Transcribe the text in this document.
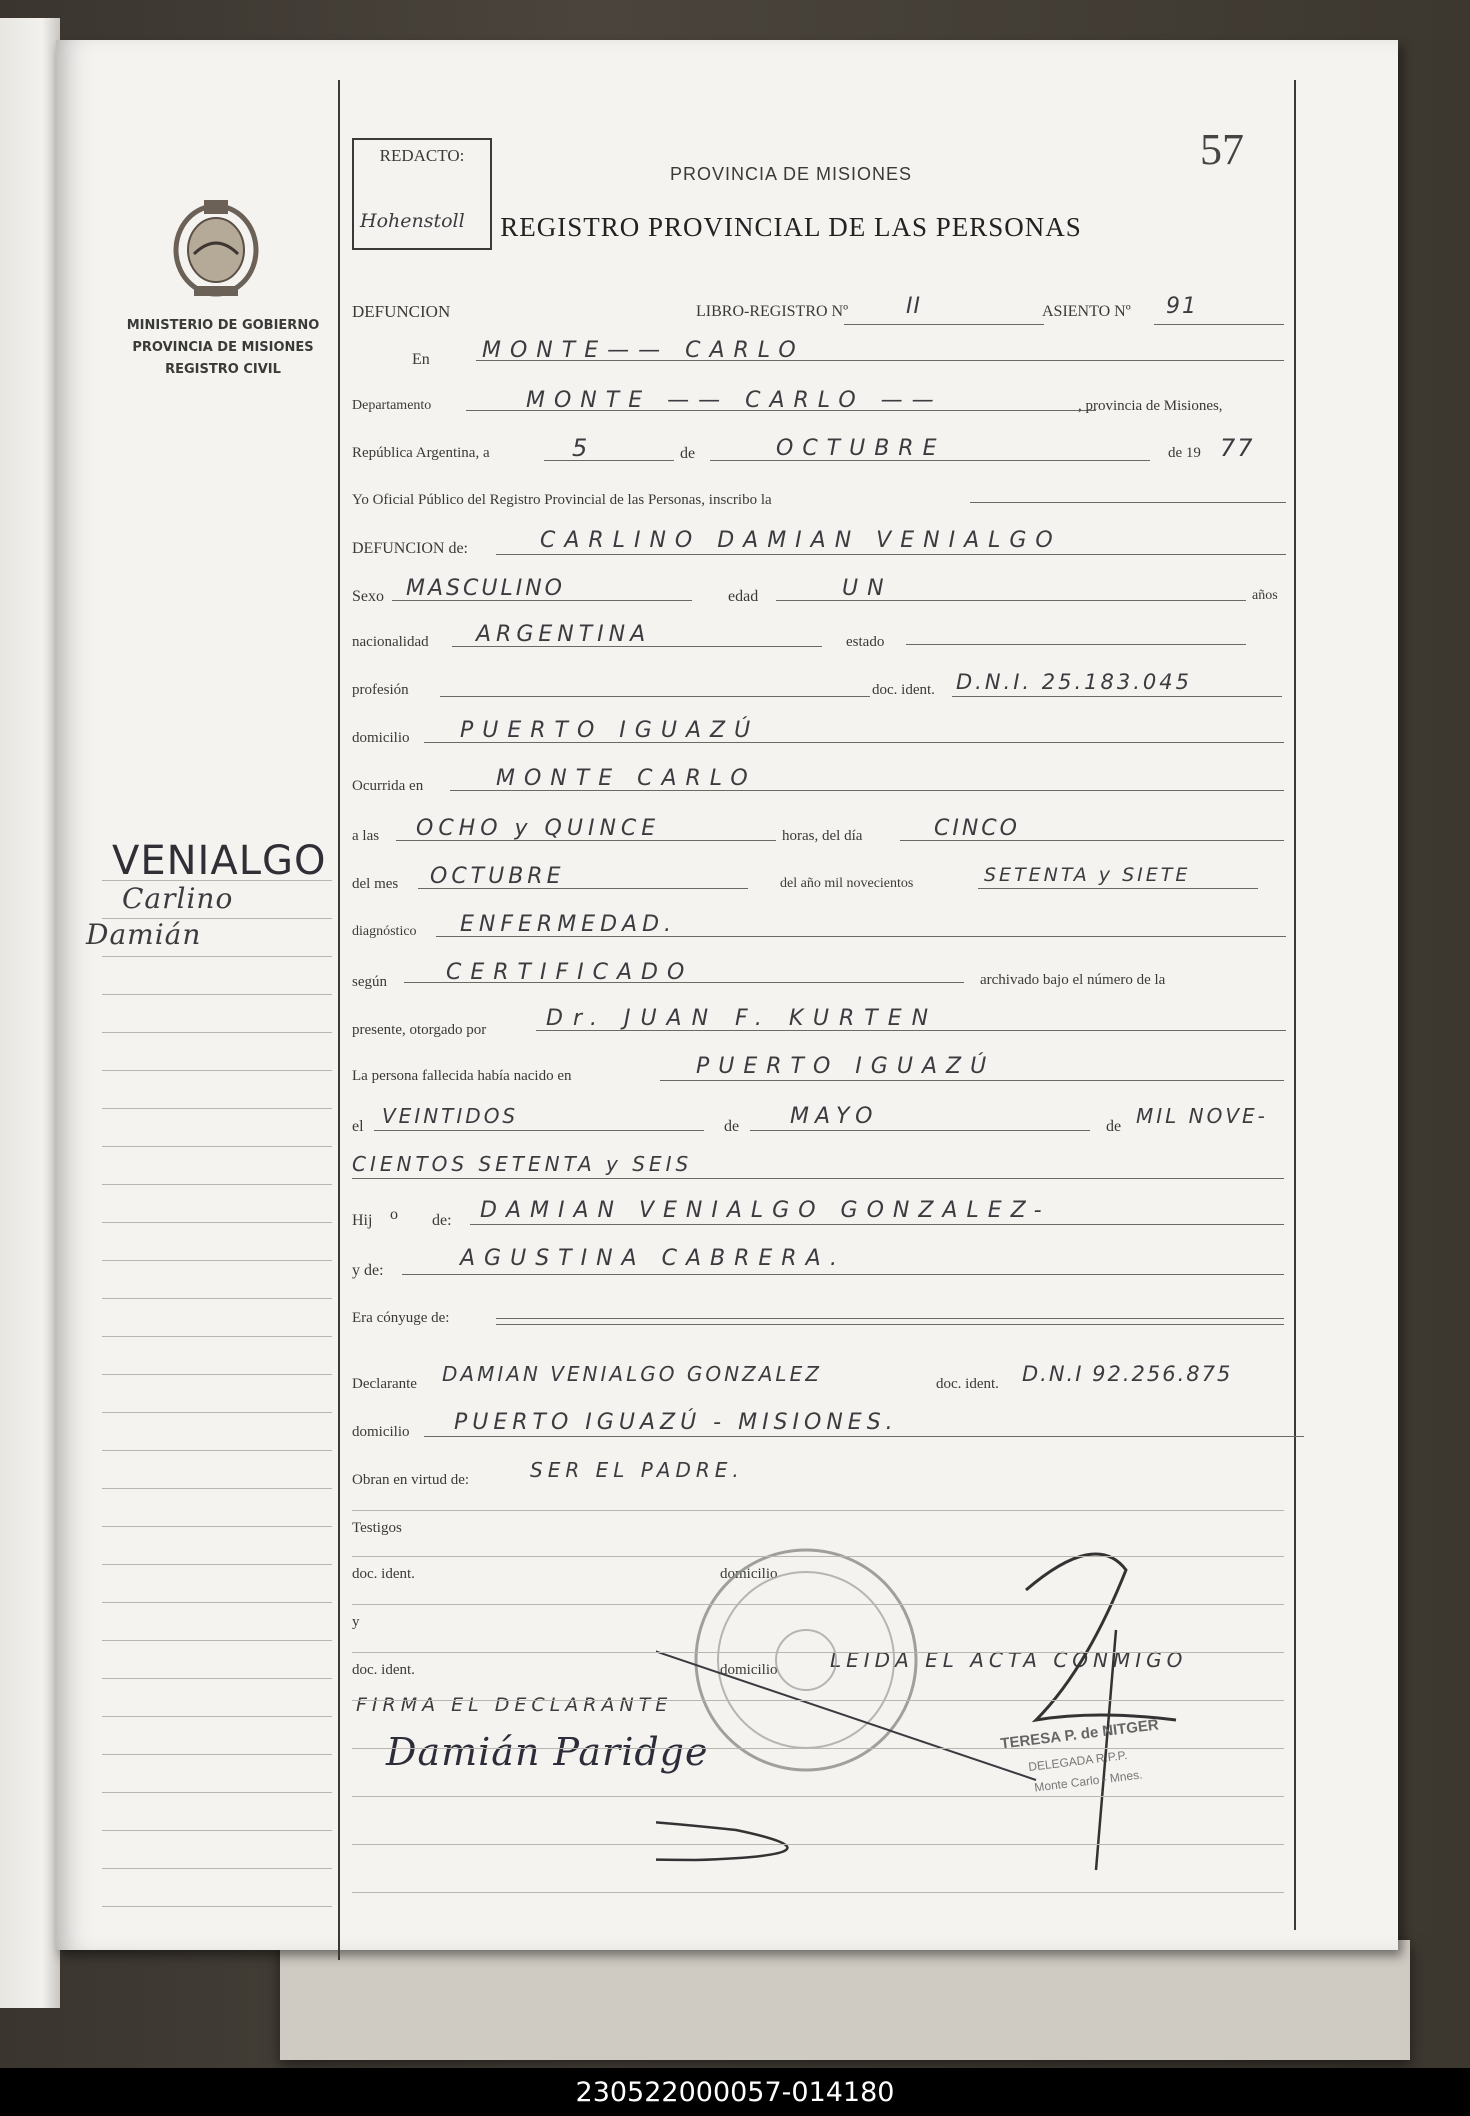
MINISTERIO DE GOBIERNO
PROVINCIA DE MISIONES
REGISTRO CIVIL
VENIALGO
Carlino
Damián
REDACTO:
Hohenstoll
PROVINCIA DE MISIONES
REGISTRO PROVINCIAL DE LAS PERSONAS
57
DEFUNCION	LIBRO-REGISTRO Nº	II	ASIENTO Nº 91
En MONTE—— CARLO
Departamento	MONTE —— CARLO ——	, provincia de Misiones,
República Argentina, a	5	de	OCTUBRE	de 19 77
Yo Oficial Público del Registro Provincial de las Personas, inscribo la
DEFUNCION de:	CARLINO DAMIAN VENIALGO
Sexo MASCULINO	edad	UN	años
nacionalidad ARGENTINA	estado
profesión	doc. ident. D.N.I. 25.183.045
domicilio PUERTO IGUAZÚ
Ocurrida en	MONTE CARLO
a las OCHO y QUINCE	horas, del día	CINCO
del mes OCTUBRE	del año mil novecientos	SETENTA y SIETE
diagnóstico ENFERMEDAD.
según	CERTIFICADO	archivado bajo el número de la
presente, otorgado por	Dr. JUAN F. KURTEN
La persona fallecida había nacido en	PUERTO IGUAZÚ
el VEINTIDOS	de MAYO	de MIL NOVE-
CIENTOS SETENTA y SEIS
Hij o de: DAMIAN VENIALGO GONZALEZ-
y de:	AGUSTINA CABRERA.
Era cónyuge de:
Declarante DAMIAN VENIALGO GONZALEZ	doc. ident. D.N.I 92.256.875
domicilio PUERTO IGUAZÚ - MISIONES.
Obran en virtud de:	SER EL PADRE.
Testigos
doc. ident.	domicilio
y
doc. ident.	domicilio	LEIDA EL ACTA CONMIGO
FIRMA EL DECLARANTE
Damián Paridge	TERESA P. de NITGER
DELEGADA R.P.P.
Monte Carlo - Mnes.
230522000057-014180
